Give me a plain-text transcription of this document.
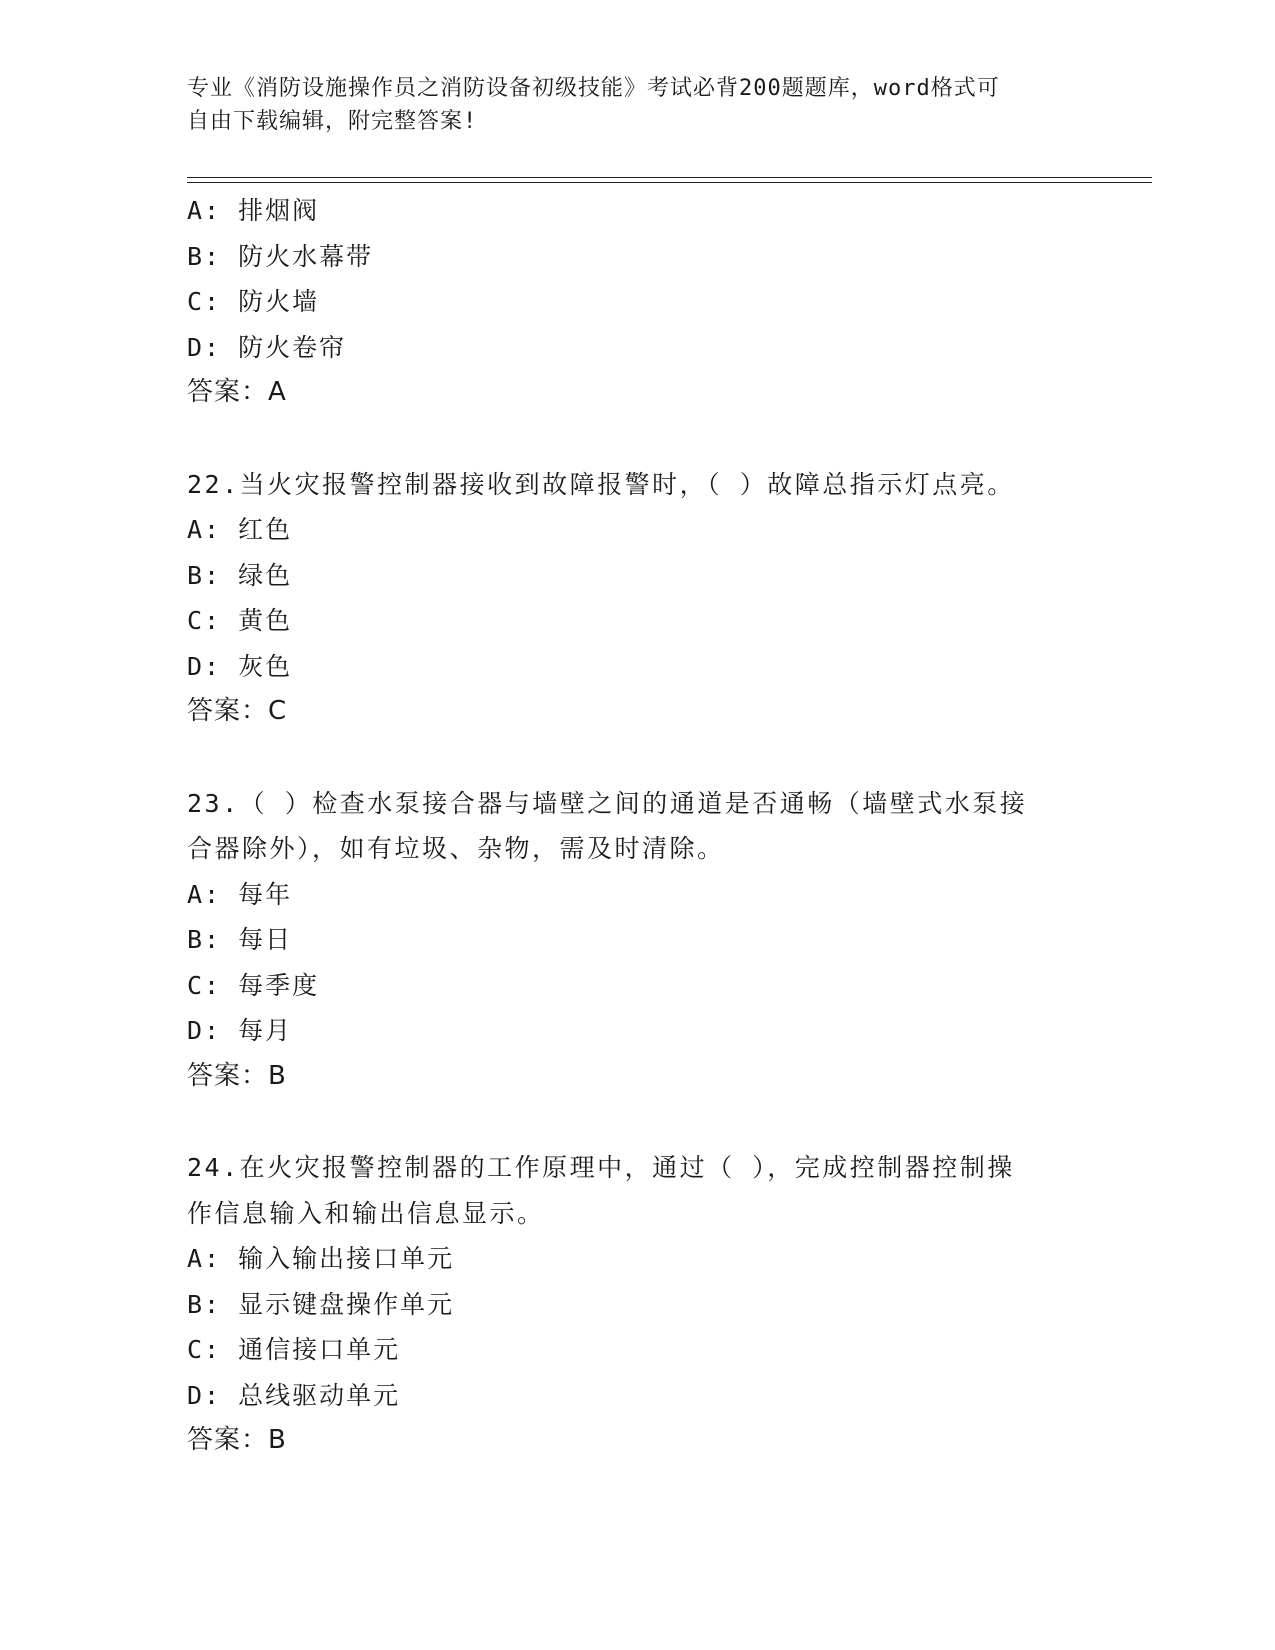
专业《消防设施操作员之消防设备初级技能》考试必背200题题库，word格式可
自由下载编辑，附完整答案!
A: 排烟阀
B: 防火水幕带
C: 防火墙
D: 防火卷帘
答案：A
22.当火灾报警控制器接收到故障报警时，（ ）故障总指示灯点亮。
A: 红色
B: 绿色
C: 黄色
D: 灰色
答案：C
23.（ ）检查水泵接合器与墙壁之间的通道是否通畅（墙壁式水泵接
合器除外），如有垃圾、杂物，需及时清除。
A: 每年
B: 每日
C: 每季度
D: 每月
答案：B
24.在火灾报警控制器的工作原理中，通过（ ），完成控制器控制操
作信息输入和输出信息显示。
A: 输入输出接口单元
B: 显示键盘操作单元
C: 通信接口单元
D: 总线驱动单元
答案：B
